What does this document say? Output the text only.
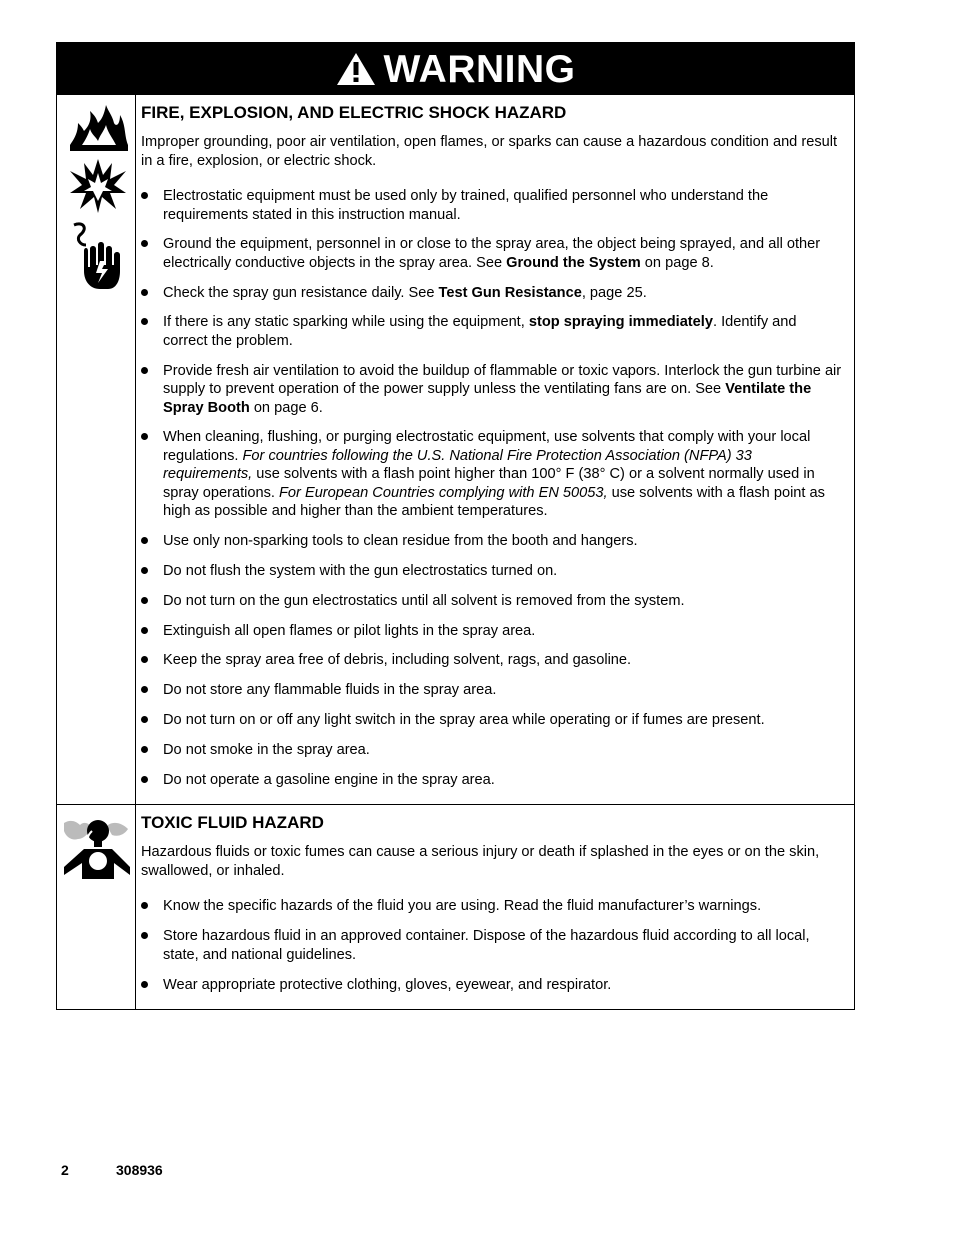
WARNING
FIRE, EXPLOSION, AND ELECTRIC SHOCK HAZARD

Improper grounding, poor air ventilation, open flames, or sparks can cause a hazardous condition and result in a fire, explosion, or electric shock.

Electrostatic equipment must be used only by trained, qualified personnel who understand the requirements stated in this instruction manual.
Ground the equipment, personnel in or close to the spray area, the object being sprayed, and all other electrically conductive objects in the spray area. See Ground the System on page 8.
Check the spray gun resistance daily. See Test Gun Resistance, page 25.
If there is any static sparking while using the equipment, stop spraying immediately. Identify and correct the problem.
Provide fresh air ventilation to avoid the buildup of flammable or toxic vapors. Interlock the gun turbine air supply to prevent operation of the power supply unless the ventilating fans are on. See Ventilate the Spray Booth on page 6.
When cleaning, flushing, or purging electrostatic equipment, use solvents that comply with your local regulations. For countries following the U.S. National Fire Protection Association (NFPA) 33 requirements, use solvents with a flash point higher than 100° F (38° C) or a solvent normally used in spray operations. For European Countries complying with EN 50053, use solvents with a flash point as high as possible and higher than the ambient temperatures.
Use only non-sparking tools to clean residue from the booth and hangers.
Do not flush the system with the gun electrostatics turned on.
Do not turn on the gun electrostatics until all solvent is removed from the system.
Extinguish all open flames or pilot lights in the spray area.
Keep the spray area free of debris, including solvent, rags, and gasoline.
Do not store any flammable fluids in the spray area.
Do not turn on or off any light switch in the spray area while operating or if fumes are present.
Do not smoke in the spray area.
Do not operate a gasoline engine in the spray area.
TOXIC FLUID HAZARD

Hazardous fluids or toxic fumes can cause a serious injury or death if splashed in the eyes or on the skin, swallowed, or inhaled.

Know the specific hazards of the fluid you are using. Read the fluid manufacturer’s warnings.
Store hazardous fluid in an approved container. Dispose of the hazardous fluid according to all local, state, and national guidelines.
Wear appropriate protective clothing, gloves, eyewear, and respirator.
2	308936
